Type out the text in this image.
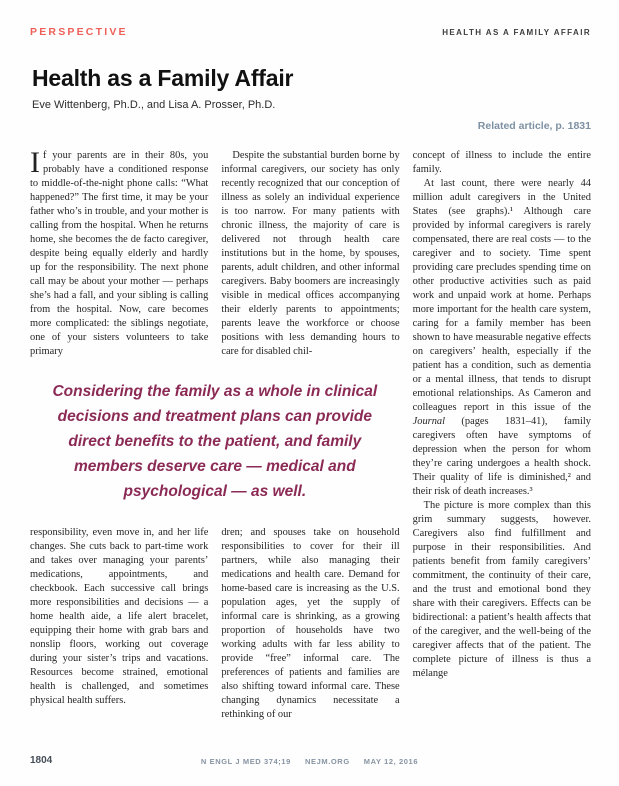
PERSPECTIVE	HEALTH AS A FAMILY AFFAIR
Health as a Family Affair
Eve Wittenberg, Ph.D., and Lisa A. Prosser, Ph.D.
Related article, p. 1831

If your parents are in their 80s, you probably have a conditioned response to middle-of-the-night phone calls: “What happened?” The first time, it may be your father who’s in trouble, and your mother is calling from the hospital. When he returns home, she becomes the de facto caregiver, despite being equally elderly and hardly up for the responsibility. The next phone call may be about your mother — perhaps she’s had a fall, and your sibling is calling from the hospital. Now, care becomes more complicated: the siblings negotiate, one of your sisters volunteers to take primary

Despite the substantial burden borne by informal caregivers, our society has only recently recognized that our conception of illness as solely an individual experience is too narrow. For many patients with chronic illness, the majority of care is delivered not through health care institutions but in the home, by spouses, parents, adult children, and other informal caregivers. Baby boomers are increasingly visible in medical offices accompanying their elderly parents to appointments; parents leave the workforce or choose positions with less demanding hours to care for disabled chil-

concept of illness to include the entire family.

At last count, there were nearly 44 million adult caregivers in the United States (see graphs).¹ Although care provided by informal caregivers is rarely compensated, there are real costs — to the caregiver and to society. Time spent providing care precludes spending time on other productive activities such as paid work and unpaid work at home. Perhaps more important for the health care system, caring for a family member has been shown to have measurable negative effects on caregivers’ health, especially if the patient has a condition, such as dementia or a mental illness, that tends to disrupt emotional relationships. As Cameron and colleagues report in this issue of the Journal (pages 1831–41), family caregivers often have symptoms of depression when the person for whom they’re caring undergoes a health shock. Their quality of life is diminished,² and their risk of death increases.³

The picture is more complex than this grim summary suggests, however. Caregivers also find fulfillment and purpose in their responsibilities. And patients benefit from family caregivers’ commitment, the continuity of their care, and the trust and emotional bond they share with their caregivers. Effects can be bidirectional: a patient’s health affects that of the caregiver, and the well-being of the caregiver affects that of the patient. The complete picture of illness is thus a mélange

Considering the family as a whole in clinical decisions and treatment plans can provide direct benefits to the patient, and family members deserve care — medical and psychological — as well.

responsibility, even move in, and her life changes. She cuts back to part-time work and takes over managing your parents’ medications, appointments, and checkbook. Each successive call brings more responsibilities and decisions — a home health aide, a life alert bracelet, equipping their home with grab bars and nonslip floors, working out coverage during your sister’s trips and vacations. Resources become strained, emotional health is challenged, and sometimes physical health suffers.

dren; and spouses take on household responsibilities to cover for their ill partners, while also managing their medications and health care. Demand for home-based care is increasing as the U.S. population ages, yet the supply of informal care is shrinking, as a growing proportion of households have two working adults with far less ability to provide “free” informal care. The preferences of patients and families are also shifting toward informal care. These changing dynamics necessitate a rethinking of our

1804	N ENGL J MED 374;19 NEJM.ORG MAY 12, 2016
